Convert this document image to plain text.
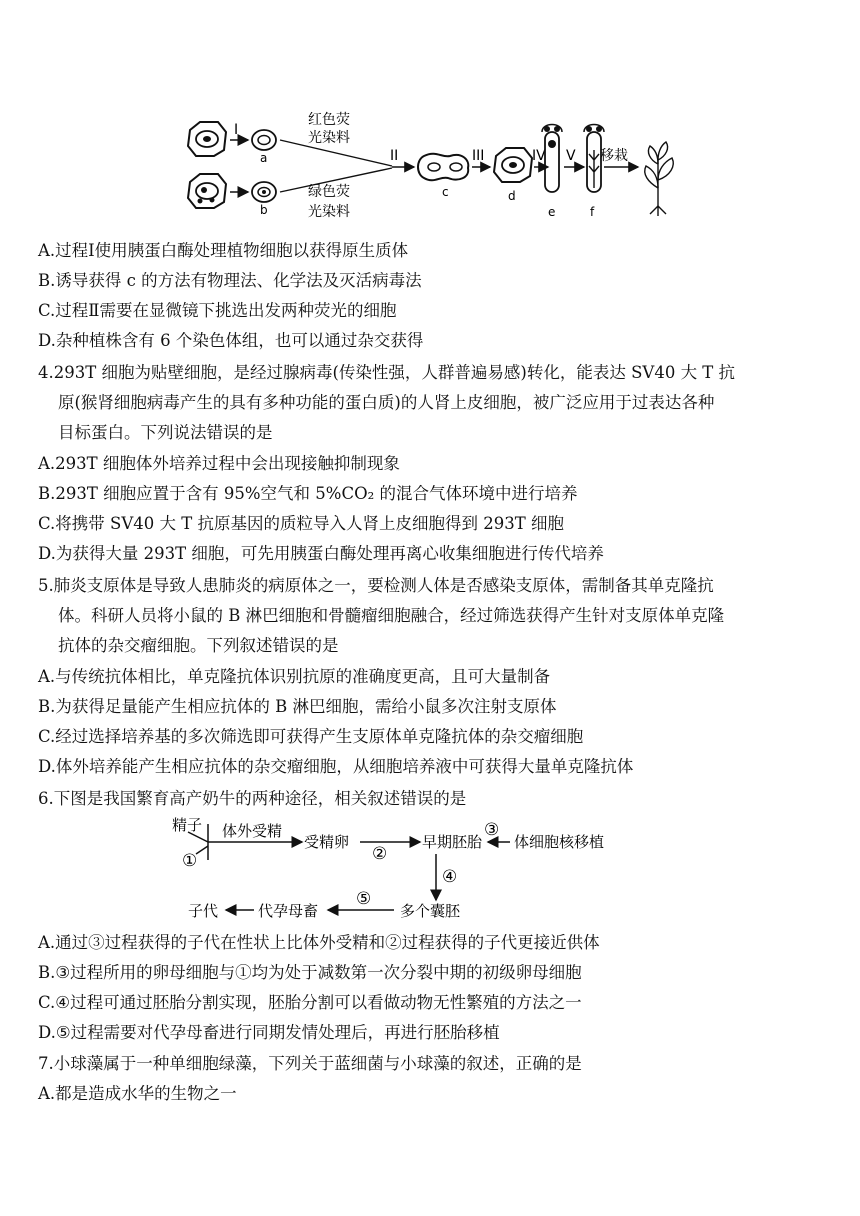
I
a
b
红色荧
光染料
绿色荧
光染料
II
c
III
d
IV
e
V
f
移栽
A.过程Ⅰ使用胰蛋白酶处理植物细胞以获得原生质体
B.诱导获得 c 的方法有物理法、化学法及灭活病毒法
C.过程Ⅱ需要在显微镜下挑选出发两种荧光的细胞
D.杂种植株含有 6 个染色体组，也可以通过杂交获得
4.293T 细胞为贴壁细胞，是经过腺病毒(传染性强，人群普遍易感)转化，能表达 SV40 大 T 抗
原(猴肾细胞病毒产生的具有多种功能的蛋白质)的人肾上皮细胞，被广泛应用于过表达各种
目标蛋白。下列说法错误的是
A.293T 细胞体外培养过程中会出现接触抑制现象
B.293T 细胞应置于含有 95%空气和 5%CO₂ 的混合气体环境中进行培养
C.将携带 SV40 大 T 抗原基因的质粒导入人肾上皮细胞得到 293T 细胞
D.为获得大量 293T 细胞，可先用胰蛋白酶处理再离心收集细胞进行传代培养
5.肺炎支原体是导致人患肺炎的病原体之一，要检测人体是否感染支原体，需制备其单克隆抗
体。科研人员将小鼠的 B 淋巴细胞和骨髓瘤细胞融合，经过筛选获得产生针对支原体单克隆
抗体的杂交瘤细胞。下列叙述错误的是
A.与传统抗体相比，单克隆抗体识别抗原的准确度更高，且可大量制备
B.为获得足量能产生相应抗体的 B 淋巴细胞，需给小鼠多次注射支原体
C.经过选择培养基的多次筛选即可获得产生支原体单克隆抗体的杂交瘤细胞
D.体外培养能产生相应抗体的杂交瘤细胞，从细胞培养液中可获得大量单克隆抗体
6.下图是我国繁育高产奶牛的两种途径，相关叙述错误的是
精子
①
体外受精
受精卵
②
早期胚胎
③
体细胞核移植
④
多个囊胚
⑤
代孕母畜
子代
A.通过③过程获得的子代在性状上比体外受精和②过程获得的子代更接近供体
B.③过程所用的卵母细胞与①均为处于减数第一次分裂中期的初级卵母细胞
C.④过程可通过胚胎分割实现，胚胎分割可以看做动物无性繁殖的方法之一
D.⑤过程需要对代孕母畜进行同期发情处理后，再进行胚胎移植
7.小球藻属于一种单细胞绿藻，下列关于蓝细菌与小球藻的叙述，正确的是
A.都是造成水华的生物之一
